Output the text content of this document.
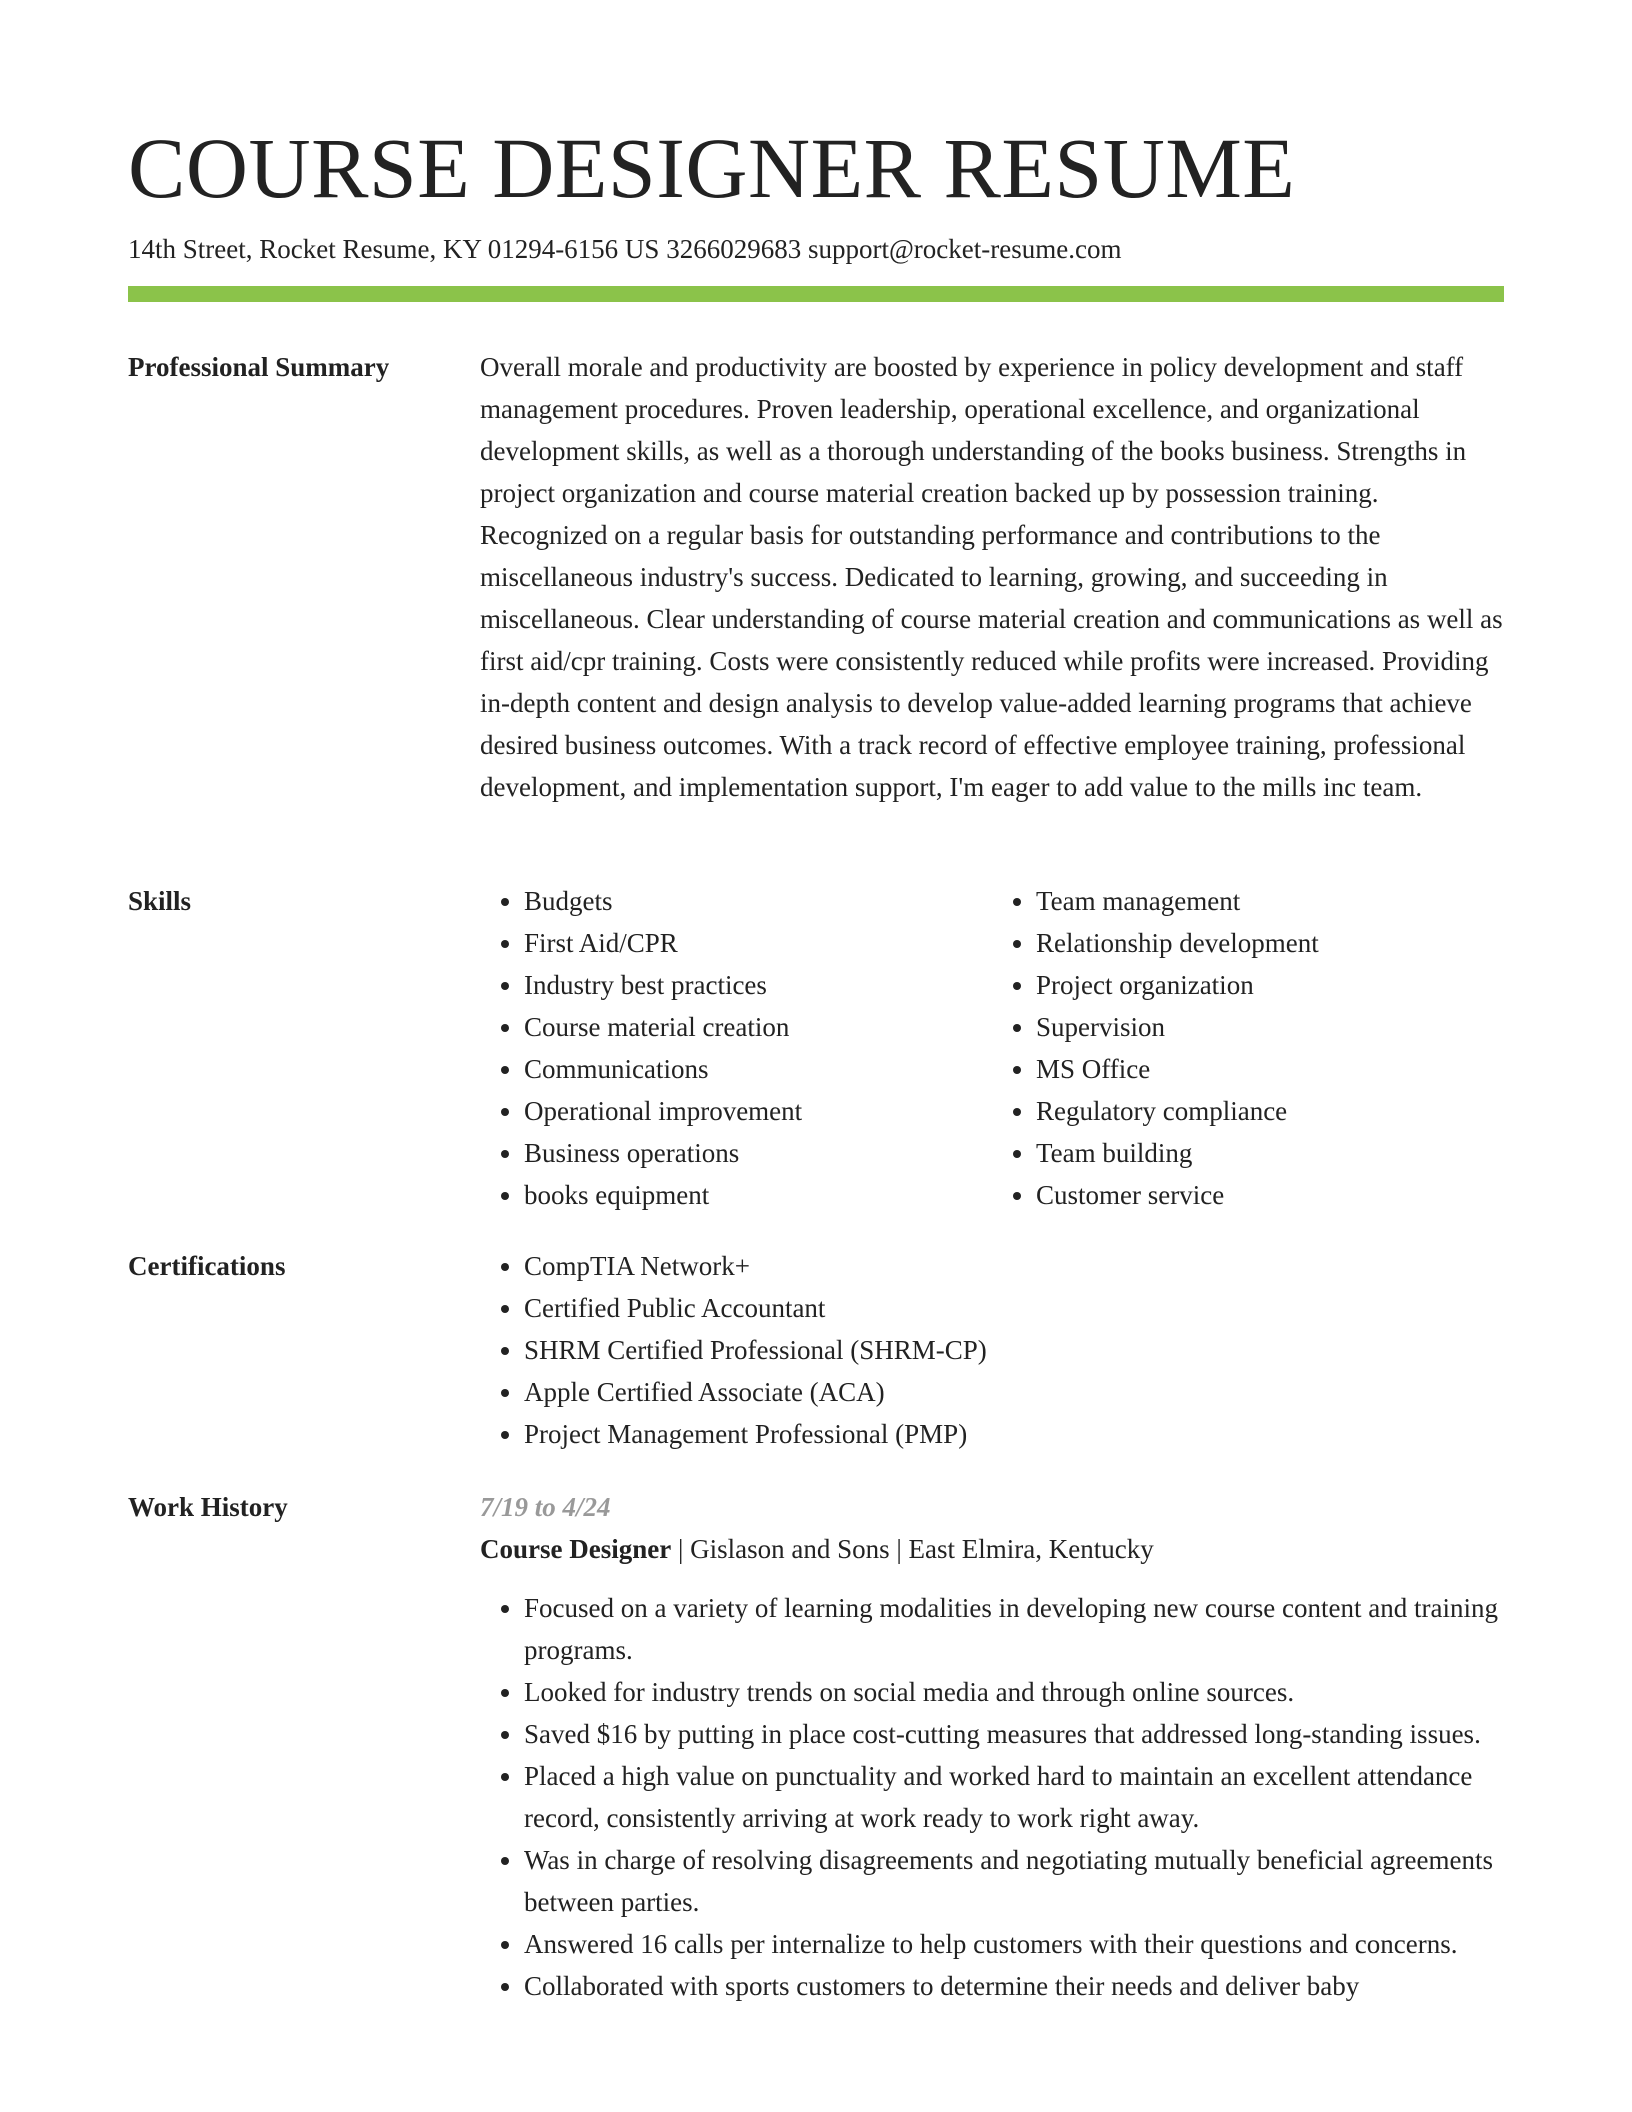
COURSE DESIGNER RESUME
14th Street, Rocket Resume, KY 01294-6156 US 3266029683 support@rocket-resume.com
Professional Summary	Overall morale and productivity are boosted by experience in policy development and staff management procedures. Proven leadership, operational excellence, and organizational development skills, as well as a thorough understanding of the books business. Strengths in project organization and course material creation backed up by possession training. Recognized on a regular basis for outstanding performance and contributions to the miscellaneous industry's success. Dedicated to learning, growing, and succeeding in miscellaneous. Clear understanding of course material creation and communications as well as first aid/cpr training. Costs were consistently reduced while profits were increased. Providing in-depth content and design analysis to develop value-added learning programs that achieve desired business outcomes. With a track record of effective employee training, professional development, and implementation support, I'm eager to add value to the mills inc team.

Skills	• Budgets
• First Aid/CPR
• Industry best practices
• Course material creation
• Communications
• Operational improvement
• Business operations
• books equipment
• Team management
• Relationship development
• Project organization
• Supervision
• MS Office
• Regulatory compliance
• Team building
• Customer service
Certifications	• CompTIA Network+
• Certified Public Accountant
• SHRM Certified Professional (SHRM-CP)
• Apple Certified Associate (ACA)
• Project Management Professional (PMP)
Work History	7/19 to 4/24
Course Designer | Gislason and Sons | East Elmira, Kentucky
• Focused on a variety of learning modalities in developing new course content and training programs.
• Looked for industry trends on social media and through online sources.
• Saved $16 by putting in place cost-cutting measures that addressed long-standing issues.
• Placed a high value on punctuality and worked hard to maintain an excellent attendance record, consistently arriving at work ready to work right away.
• Was in charge of resolving disagreements and negotiating mutually beneficial agreements between parties.
• Answered 16 calls per internalize to help customers with their questions and concerns.
• Collaborated with sports customers to determine their needs and deliver baby
